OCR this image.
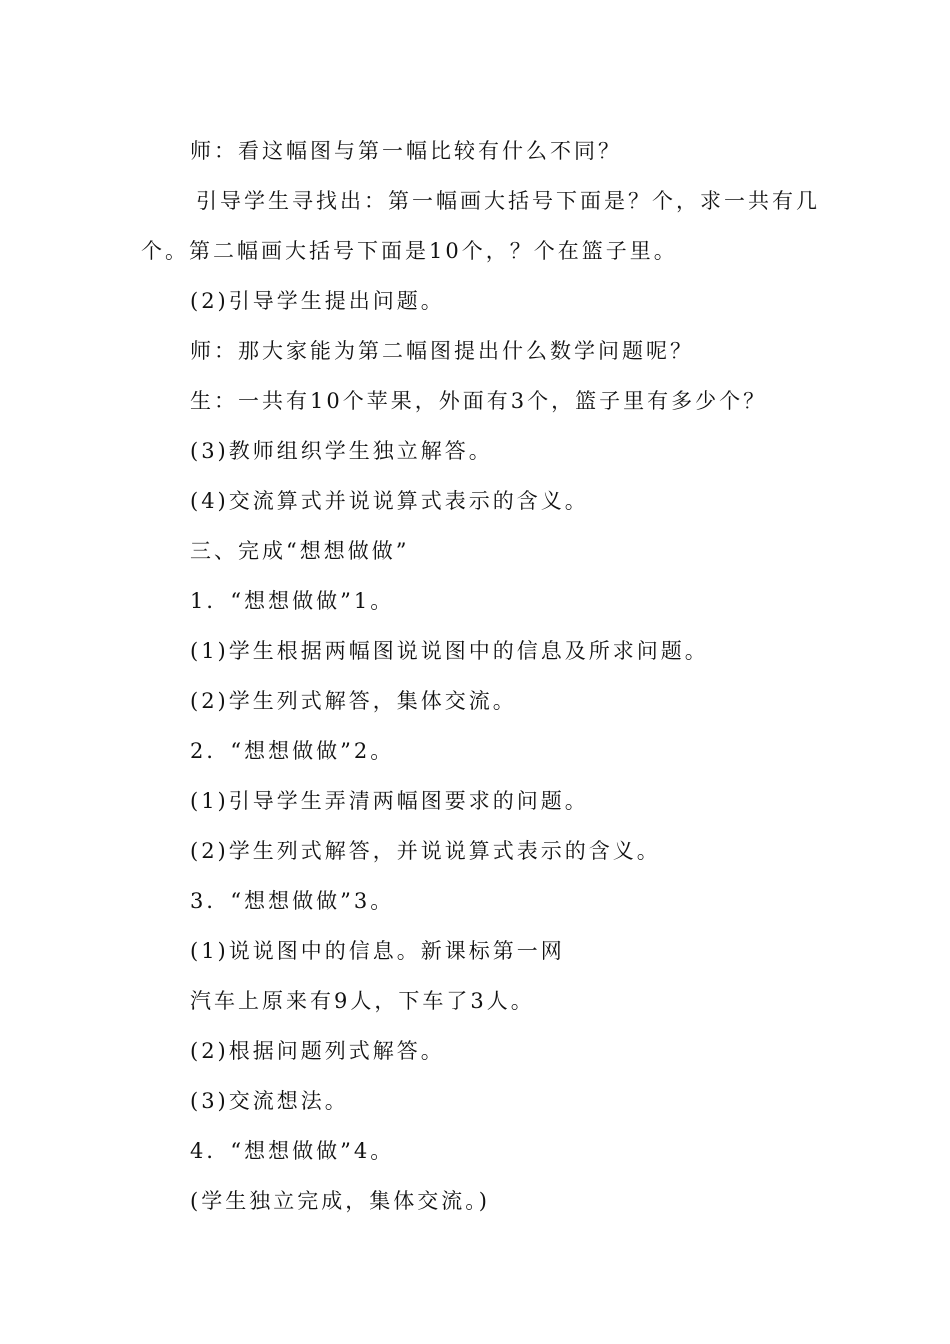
师：看这幅图与第一幅比较有什么不同？
引导学生寻找出：第一幅画大括号下面是？个，求一共有几
个。第二幅画大括号下面是10个，？个在篮子里。
(2)引导学生提出问题。
师：那大家能为第二幅图提出什么数学问题呢？
生：一共有10个苹果，外面有3个，篮子里有多少个？
(3)教师组织学生独立解答。
(4)交流算式并说说算式表示的含义。
三、完成“想想做做”
1．“想想做做”1。
(1)学生根据两幅图说说图中的信息及所求问题。
(2)学生列式解答，集体交流。
2．“想想做做”2。
(1)引导学生弄清两幅图要求的问题。
(2)学生列式解答，并说说算式表示的含义。
3．“想想做做”3。
(1)说说图中的信息。新课标第一网
汽车上原来有9人，下车了3人。
(2)根据问题列式解答。
(3)交流想法。
4．“想想做做”4。
(学生独立完成，集体交流。)
